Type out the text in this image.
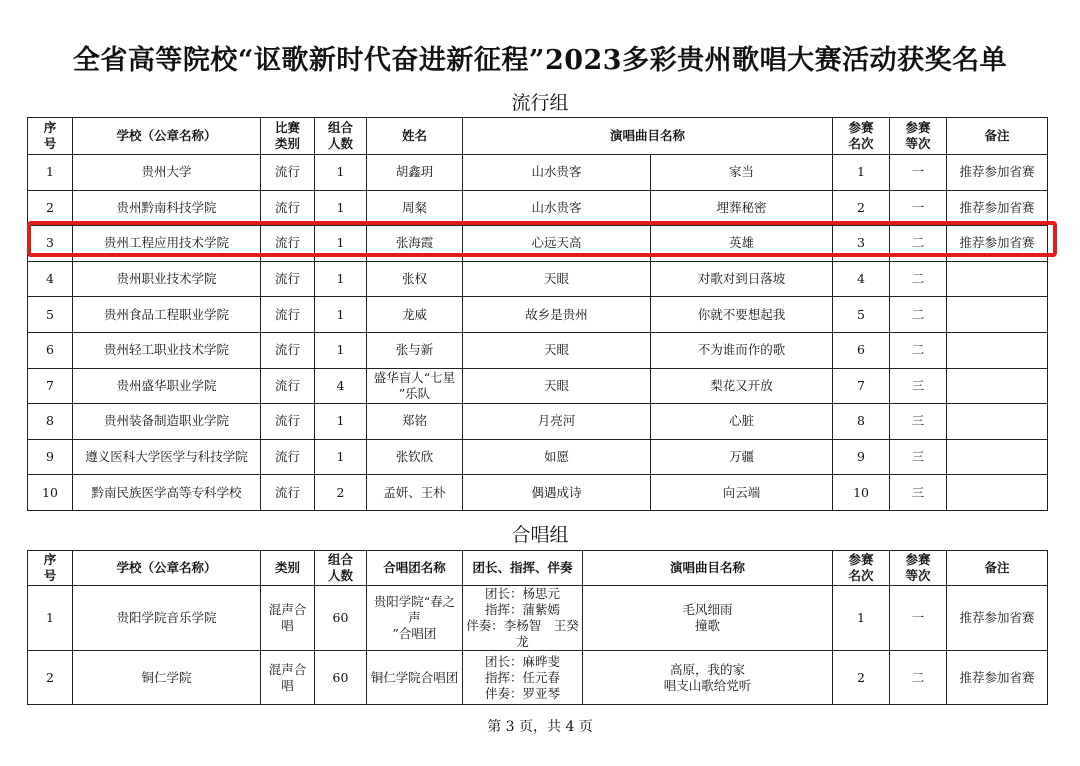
全省高等院校“讴歌新时代奋进新征程”2023多彩贵州歌唱大赛活动获奖名单
流行组
序
号	学校（公章名称）	比赛
类别	组合
人数	姓名	演唱曲目名称		参赛
名次	参赛
等次	备注
1	贵州大学	流行	1	胡鑫玥	山水贵客	家当	1	一	推荐参加省赛
2	贵州黔南科技学院	流行	1	周粲	山水贵客	埋葬秘密	2	一	推荐参加省赛
3	贵州工程应用技术学院	流行	1	张海霞	心远天高	英雄	3	二	推荐参加省赛
4	贵州职业技术学院	流行	1	张权	天眼	对歌对到日落坡	4	二	
5	贵州食品工程职业学院	流行	1	龙威	故乡是贵州	你就不要想起我	5	二	
6	贵州轻工职业技术学院	流行	1	张与新	天眼	不为谁而作的歌	6	二	
7	贵州盛华职业学院	流行	4	盛华盲人“七星
”乐队	天眼	梨花又开放	7	三	
8	贵州装备制造职业学院	流行	1	郑铭	月亮河	心脏	8	三	
9	遵义医科大学医学与科技学院	流行	1	张钦欣	如愿	万疆	9	三	
10	黔南民族医学高等专科学校	流行	2	孟妍、王朴	偶遇成诗	向云端	10	三	
合唱组
序
号	学校（公章名称）	类别	组合
人数	合唱团名称	团长、指挥、伴奏	演唱曲目名称	参赛
名次	参赛
等次	备注
1	贵阳学院音乐学院	混声合
唱	60	贵阳学院“春之声
”合唱团	团长：杨思元
指挥：蒲紫嫣
伴奏：李杨智　王癸龙	毛风细雨
撞歌	1	一	推荐参加省赛
2	铜仁学院	混声合
唱	60	铜仁学院合唱团	团长：麻晔斐
指挥：任元春
伴奏：罗亚琴	高原，我的家
唱支山歌给党听	2	二	推荐参加省赛
第 3 页，共 4 页
